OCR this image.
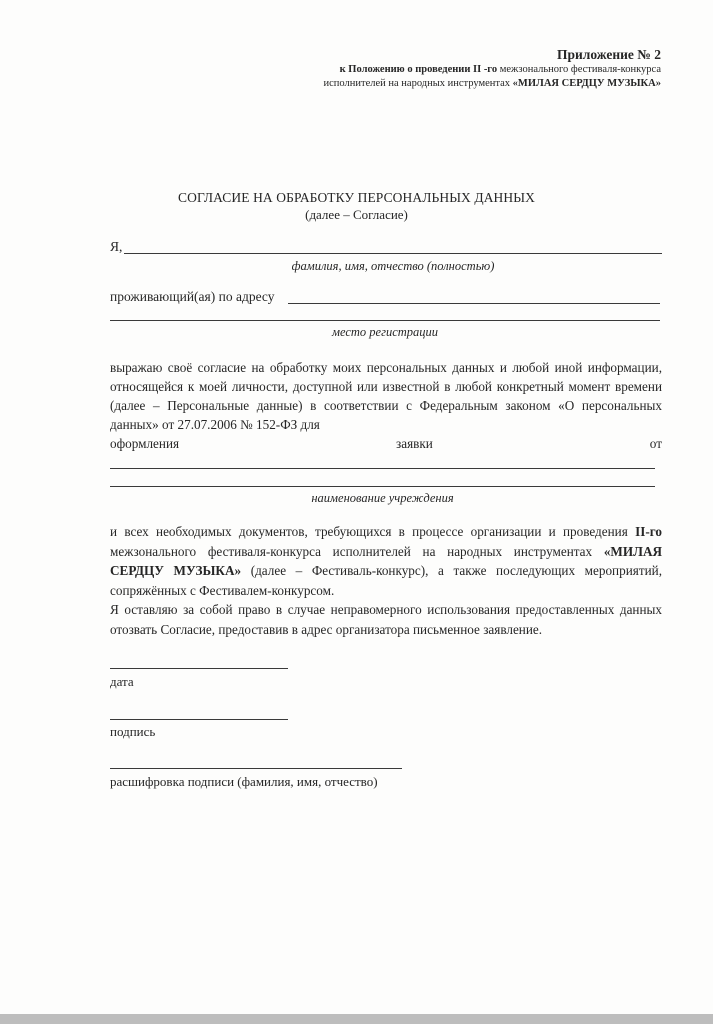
Приложение № 2
к Положению о проведении II -го межзонального фестиваля-конкурса
исполнителей на народных инструментах «МИЛАЯ СЕРДЦУ МУЗЫКА»
СОГЛАСИЕ НА ОБРАБОТКУ ПЕРСОНАЛЬНЫХ ДАННЫХ
(далее – Согласие)
Я,
фамилия, имя, отчество (полностью)
проживающий(ая) по адресу
место регистрации
выражаю своё согласие на обработку моих персональных данных и любой иной информации, относящейся к моей личности, доступной или известной в любой конкретный момент времени (далее – Персональные данные) в соответствии с Федеральным законом «О персональных данных» от 27.07.2006 № 152-ФЗ для
оформления заявки от
наименование учреждения

и всех необходимых документов, требующихся в процессе организации и проведения II-го межзонального фестиваля-конкурса исполнителей на народных инструментах «МИЛАЯ СЕРДЦУ МУЗЫКА» (далее – Фестиваль-конкурс), а также последующих мероприятий, сопряжённых с Фестивалем-конкурсом.

Я оставляю за собой право в случае неправомерного использования предоставленных данных отозвать Согласие, предоставив в адрес организатора письменное заявление.

дата
подпись
расшифровка подписи (фамилия, имя, отчество)
